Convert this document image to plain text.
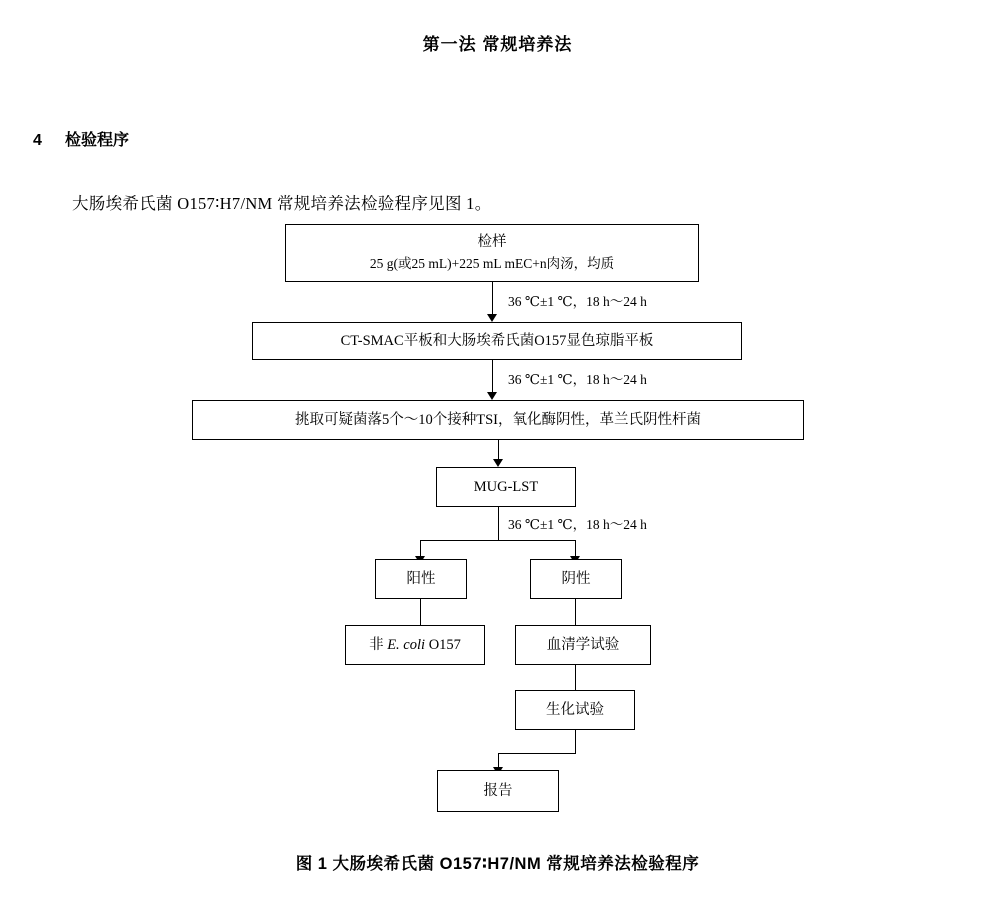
第一法 常规培养法
4 检验程序
大肠埃希氏菌 O157∶H7/NM 常规培养法检验程序见图 1。
检样
25 g(或25 mL)+225 mL mEC+n肉汤，均质
36 ℃±1 ℃，18 h～24 h
CT-SMAC平板和大肠埃希氏菌O157显色琼脂平板
36 ℃±1 ℃，18 h～24 h
挑取可疑菌落5个～10个接种TSI，氧化酶阴性，革兰氏阴性杆菌
MUG-LST
36 ℃±1 ℃，18 h～24 h
阳性	阴性
非 E. coli O157	血清学试验
生化试验
报告
图 1 大肠埃希氏菌 O157∶H7/NM 常规培养法检验程序
